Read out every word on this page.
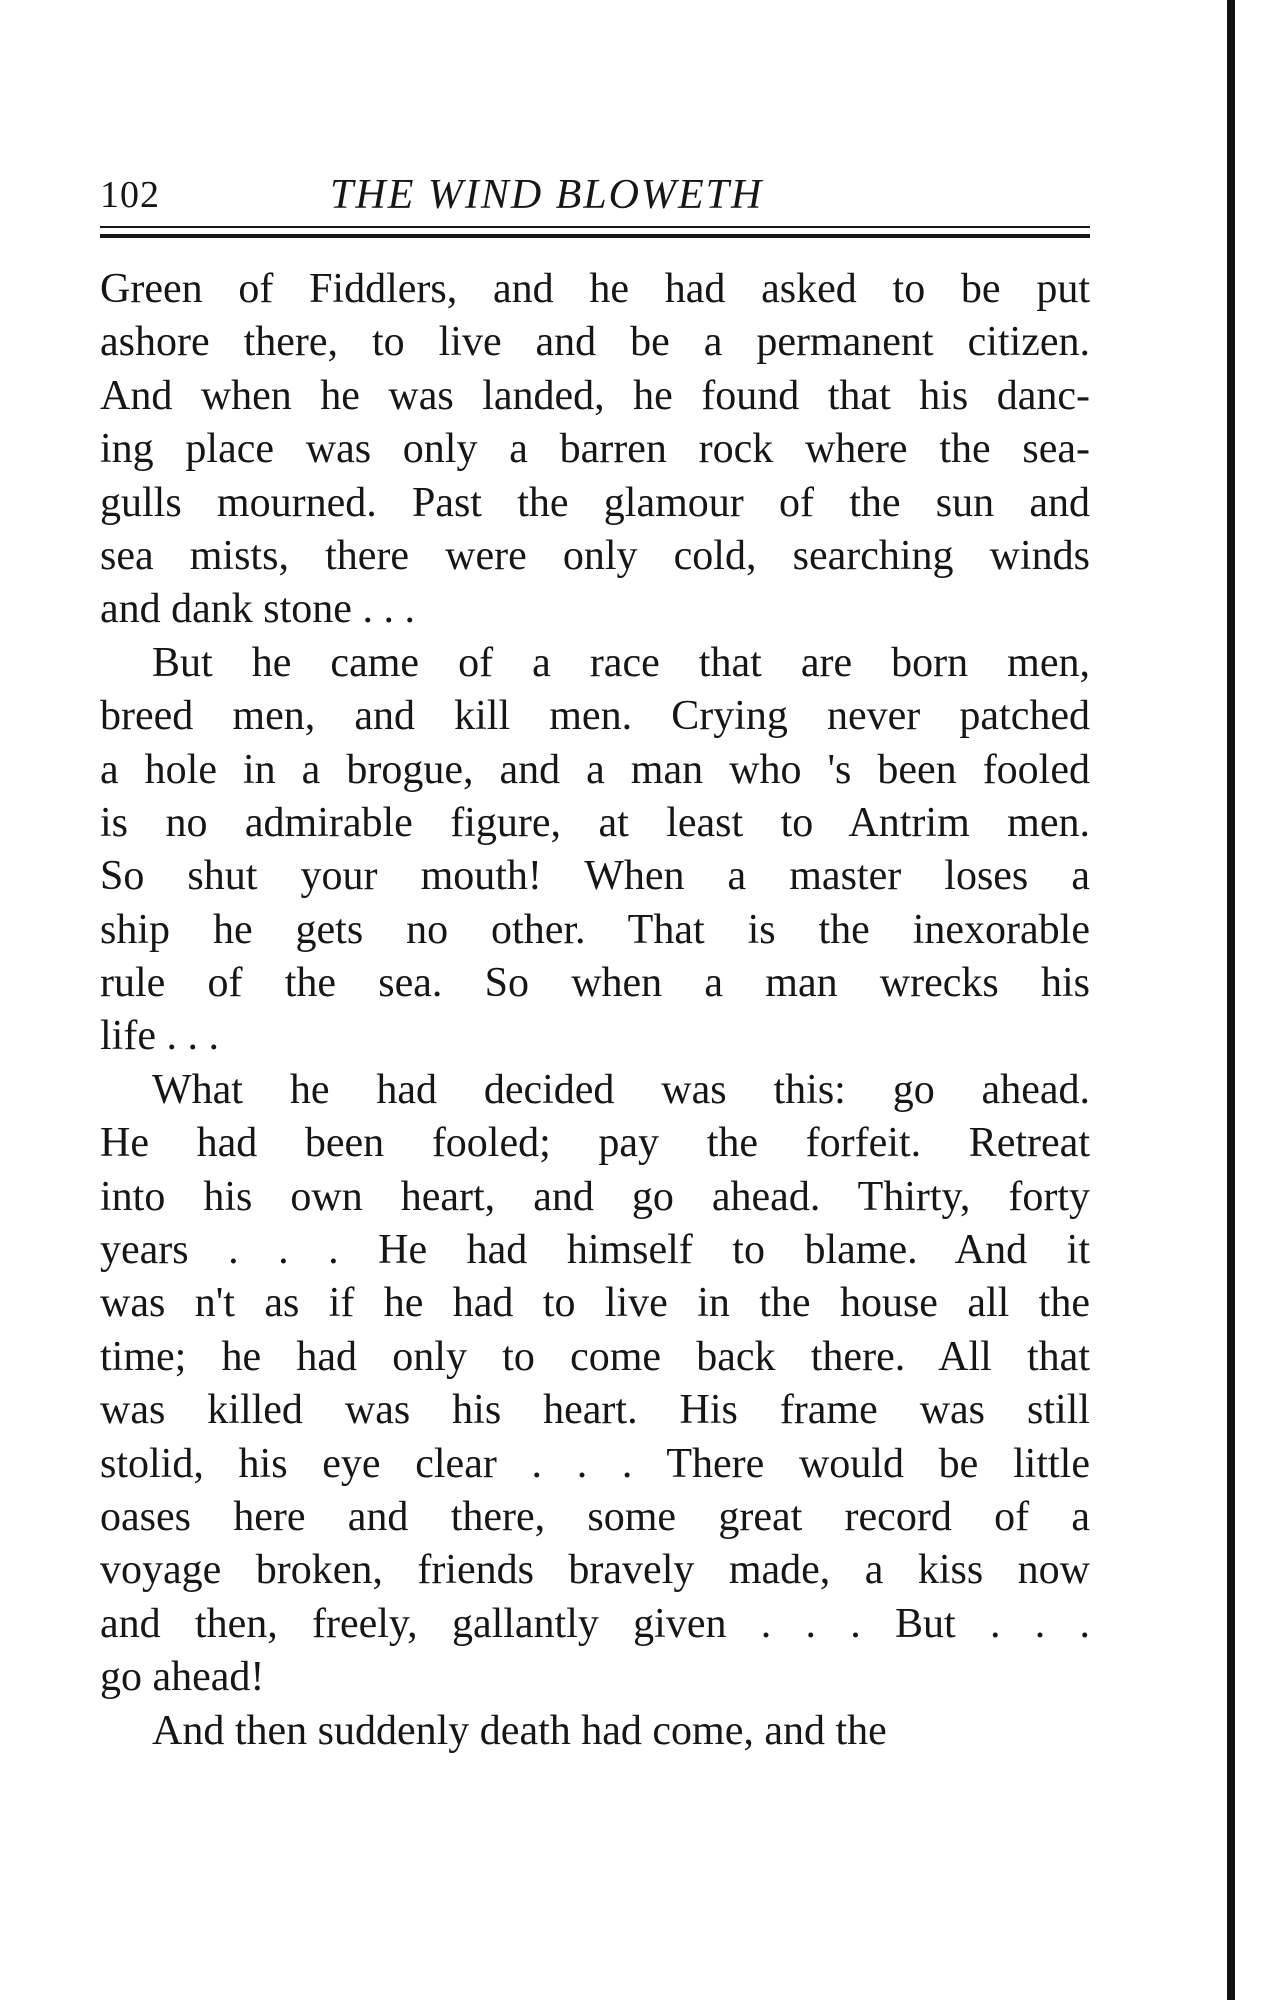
102	THE WIND BLOWETH
Green of Fiddlers, and he had asked to be put
ashore there, to live and be a permanent citizen.
And when he was landed, he found that his danc-
ing place was only a barren rock where the sea-
gulls mourned. Past the glamour of the sun and
sea mists, there were only cold, searching winds
and dank stone . . .
But he came of a race that are born men,
breed men, and kill men. Crying never patched
a hole in a brogue, and a man who 's been fooled
is no admirable figure, at least to Antrim men.
So shut your mouth! When a master loses a
ship he gets no other. That is the inexorable
rule of the sea. So when a man wrecks his
life . . .
What he had decided was this: go ahead.
He had been fooled; pay the forfeit. Retreat
into his own heart, and go ahead. Thirty, forty
years . . . He had himself to blame. And it
was n't as if he had to live in the house all the
time; he had only to come back there. All that
was killed was his heart. His frame was still
stolid, his eye clear . . . There would be little
oases here and there, some great record of a
voyage broken, friends bravely made, a kiss now
and then, freely, gallantly given . . . But . . .
go ahead!
And then suddenly death had come, and the
